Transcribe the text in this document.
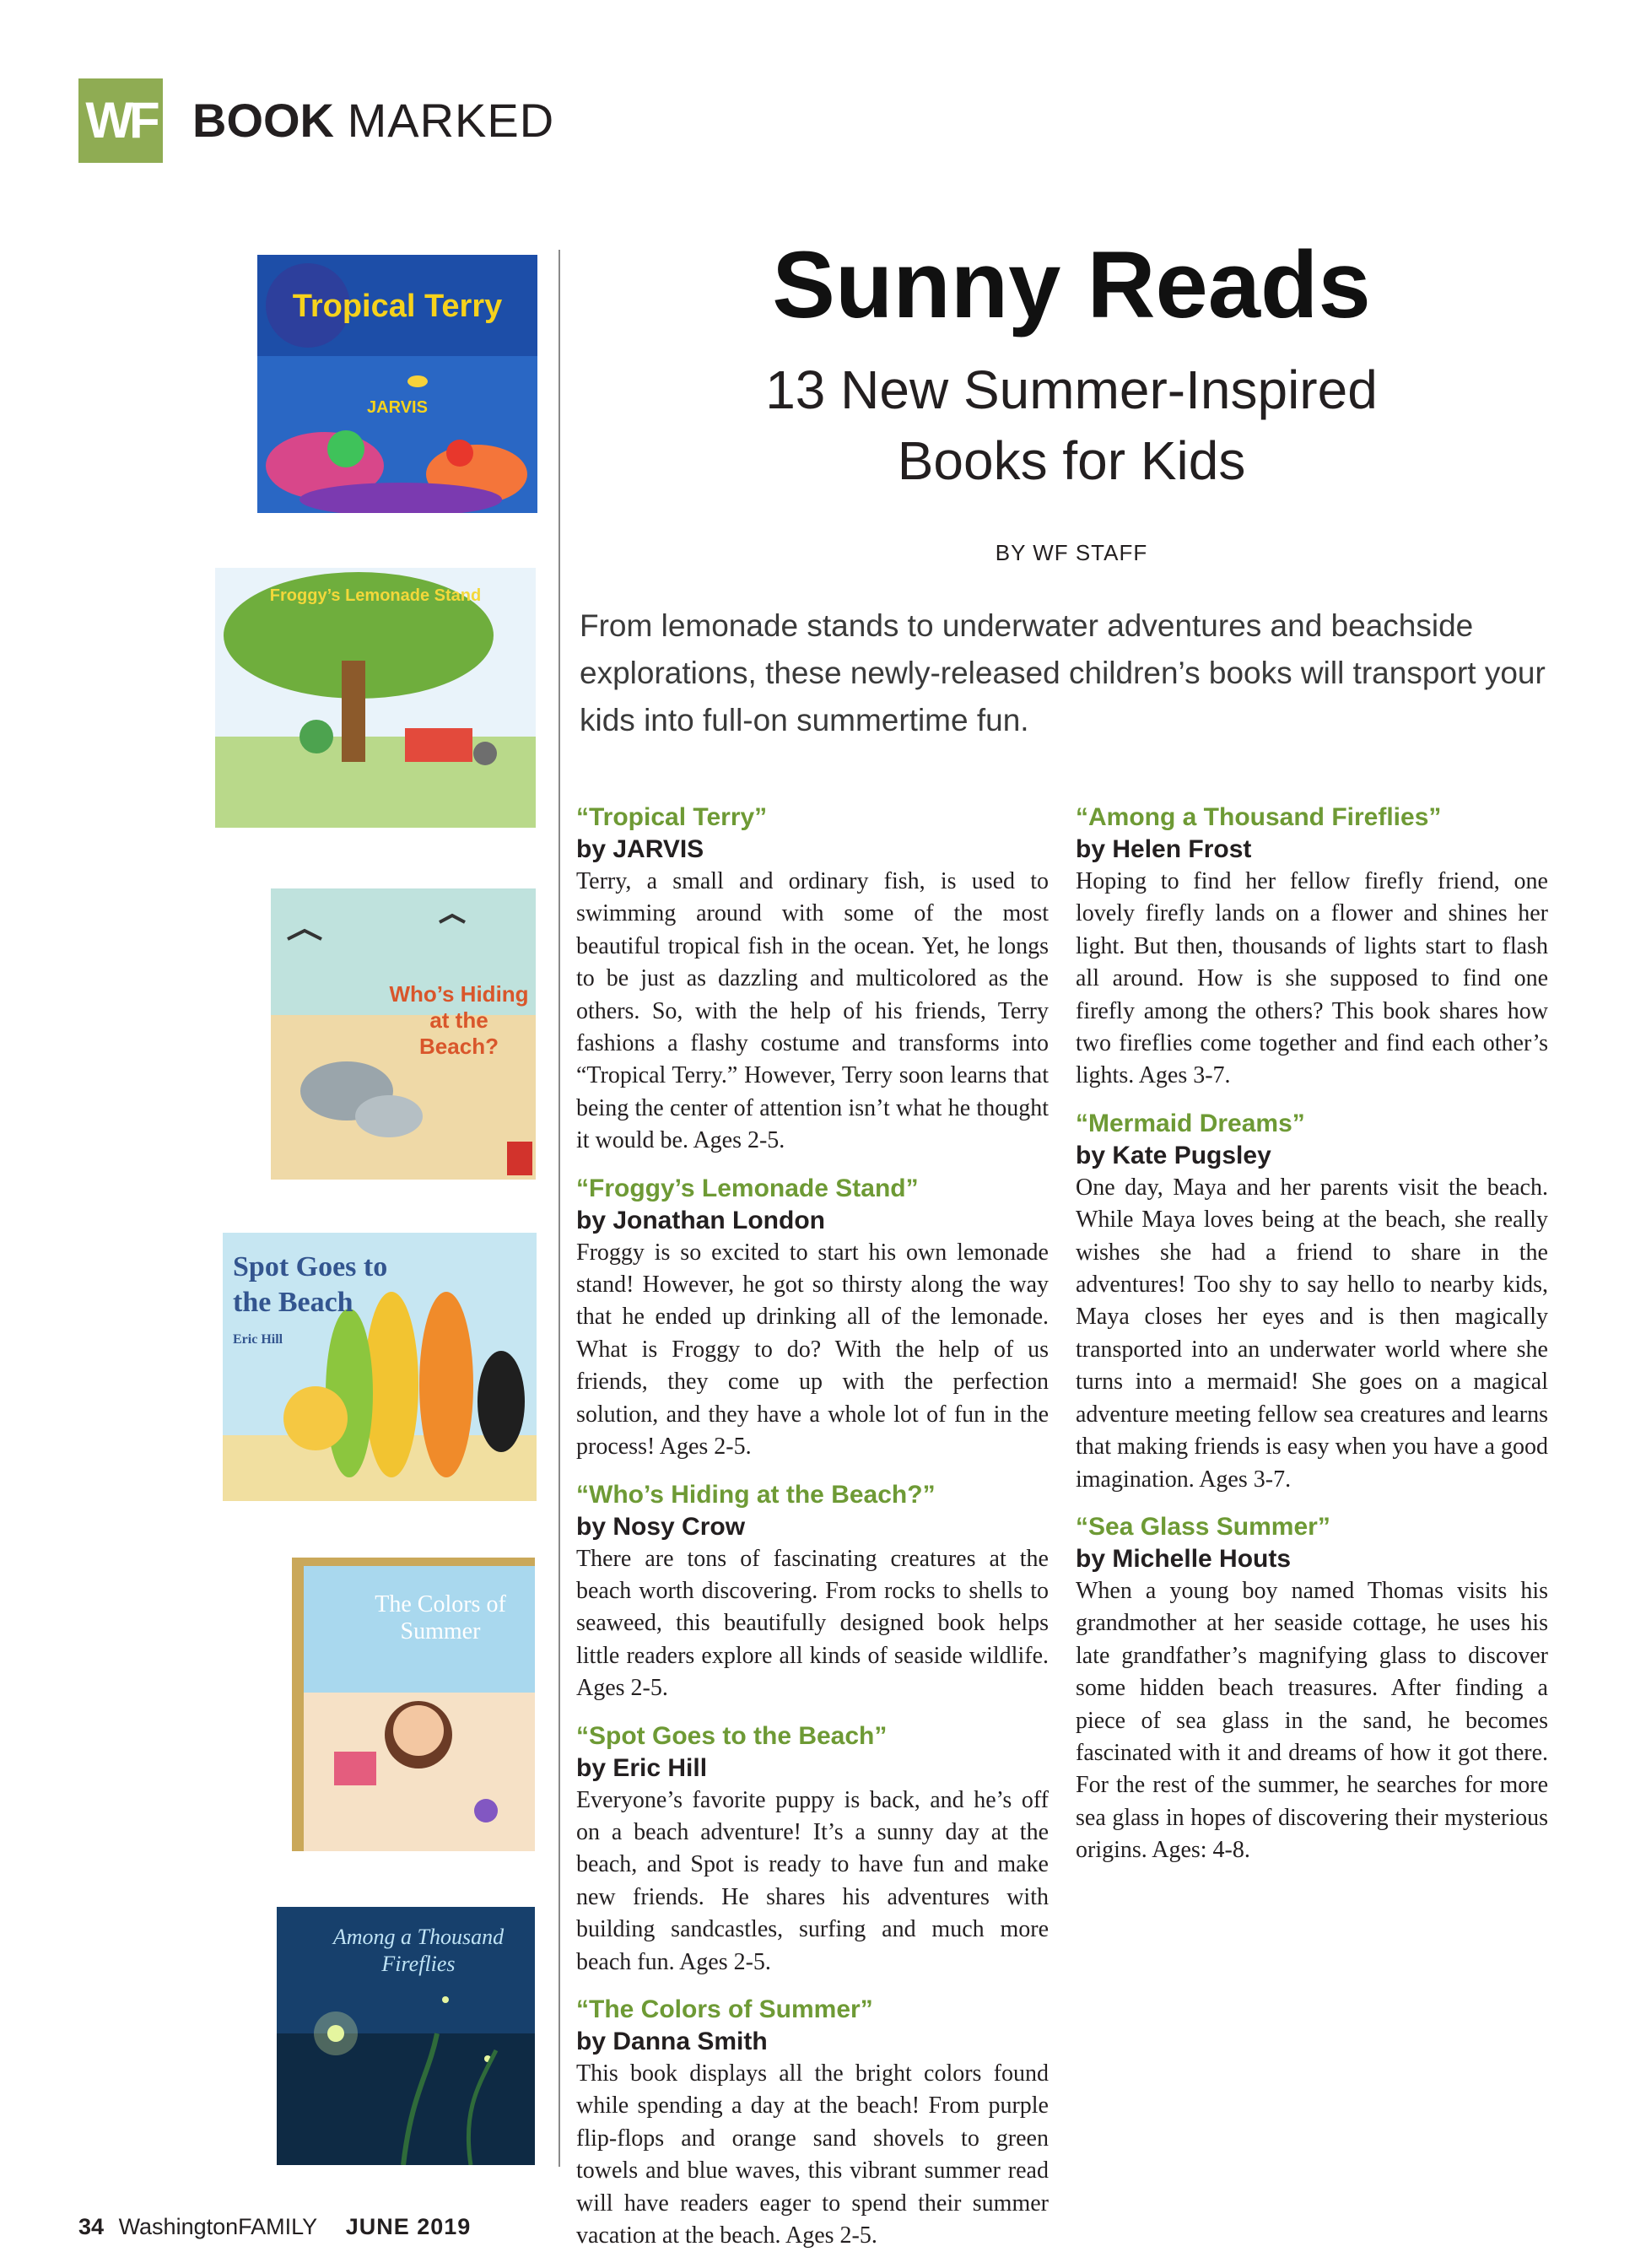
WF BOOK MARKED
Tropical Terry
JARVIS
Froggy’s Lemonade Stand
Who’s Hiding at the Beach?
Spot Goes to the Beach
Eric Hill
The Colors of Summer
Among a Thousand Fireflies
Sunny Reads
13 New Summer-Inspired
Books for Kids
BY WF STAFF
From lemonade stands to underwater adventures and beachside explorations, these newly-released children’s books will transport your kids into full-on summertime fun.
“Tropical Terry”
by JARVIS
Terry, a small and ordinary fish, is used to swimming around with some of the most beautiful tropical fish in the ocean. Yet, he longs to be just as dazzling and multicolored as the others. So, with the help of his friends, Terry fashions a flashy costume and transforms into “Tropical Terry.” However, Terry soon learns that being the center of attention isn’t what he thought it would be. Ages 2-5.
“Froggy’s Lemonade Stand”
by Jonathan London
Froggy is so excited to start his own lemonade stand! However, he got so thirsty along the way that he ended up drinking all of the lemonade. What is Froggy to do? With the help of us friends, they come up with the perfection solution, and they have a whole lot of fun in the process! Ages 2-5.
“Who’s Hiding at the Beach?”
by Nosy Crow
There are tons of fascinating creatures at the beach worth discovering. From rocks to shells to seaweed, this beautifully designed book helps little readers explore all kinds of seaside wildlife. Ages 2-5.
“Spot Goes to the Beach”
by Eric Hill
Everyone’s favorite puppy is back, and he’s off on a beach adventure! It’s a sunny day at the beach, and Spot is ready to have fun and make new friends. He shares his adventures with building sandcastles, surfing and much more beach fun. Ages 2-5.
“The Colors of Summer”
by Danna Smith
This book displays all the bright colors found while spending a day at the beach! From purple flip-flops and orange sand shovels to green towels and blue waves, this vibrant summer read will have readers eager to spend their summer vacation at the beach. Ages 2-5.
“Among a Thousand Fireflies”
by Helen Frost
Hoping to find her fellow firefly friend, one lovely firefly lands on a flower and shines her light. But then, thousands of lights start to flash all around. How is she supposed to find one firefly among the others? This book shares how two fireflies come together and find each other’s lights. Ages 3-7.
“Mermaid Dreams”
by Kate Pugsley
One day, Maya and her parents visit the beach. While Maya loves being at the beach, she really wishes she had a friend to share in the adventures! Too shy to say hello to nearby kids, Maya closes her eyes and is then magically transported into an underwater world where she turns into a mermaid! She goes on a magical adventure meeting fellow sea creatures and learns that making friends is easy when you have a good imagination. Ages 3-7.
“Sea Glass Summer”
by Michelle Houts
When a young boy named Thomas visits his grandmother at her seaside cottage, he uses his late grandfather’s magnifying glass to discover some hidden beach treasures. After finding a piece of sea glass in the sand, he becomes fascinated with it and dreams of how it got there. For the rest of the summer, he searches for more sea glass in hopes of discovering their mysterious origins. Ages: 4-8.
34 WashingtonFAMILY JUNE 2019
